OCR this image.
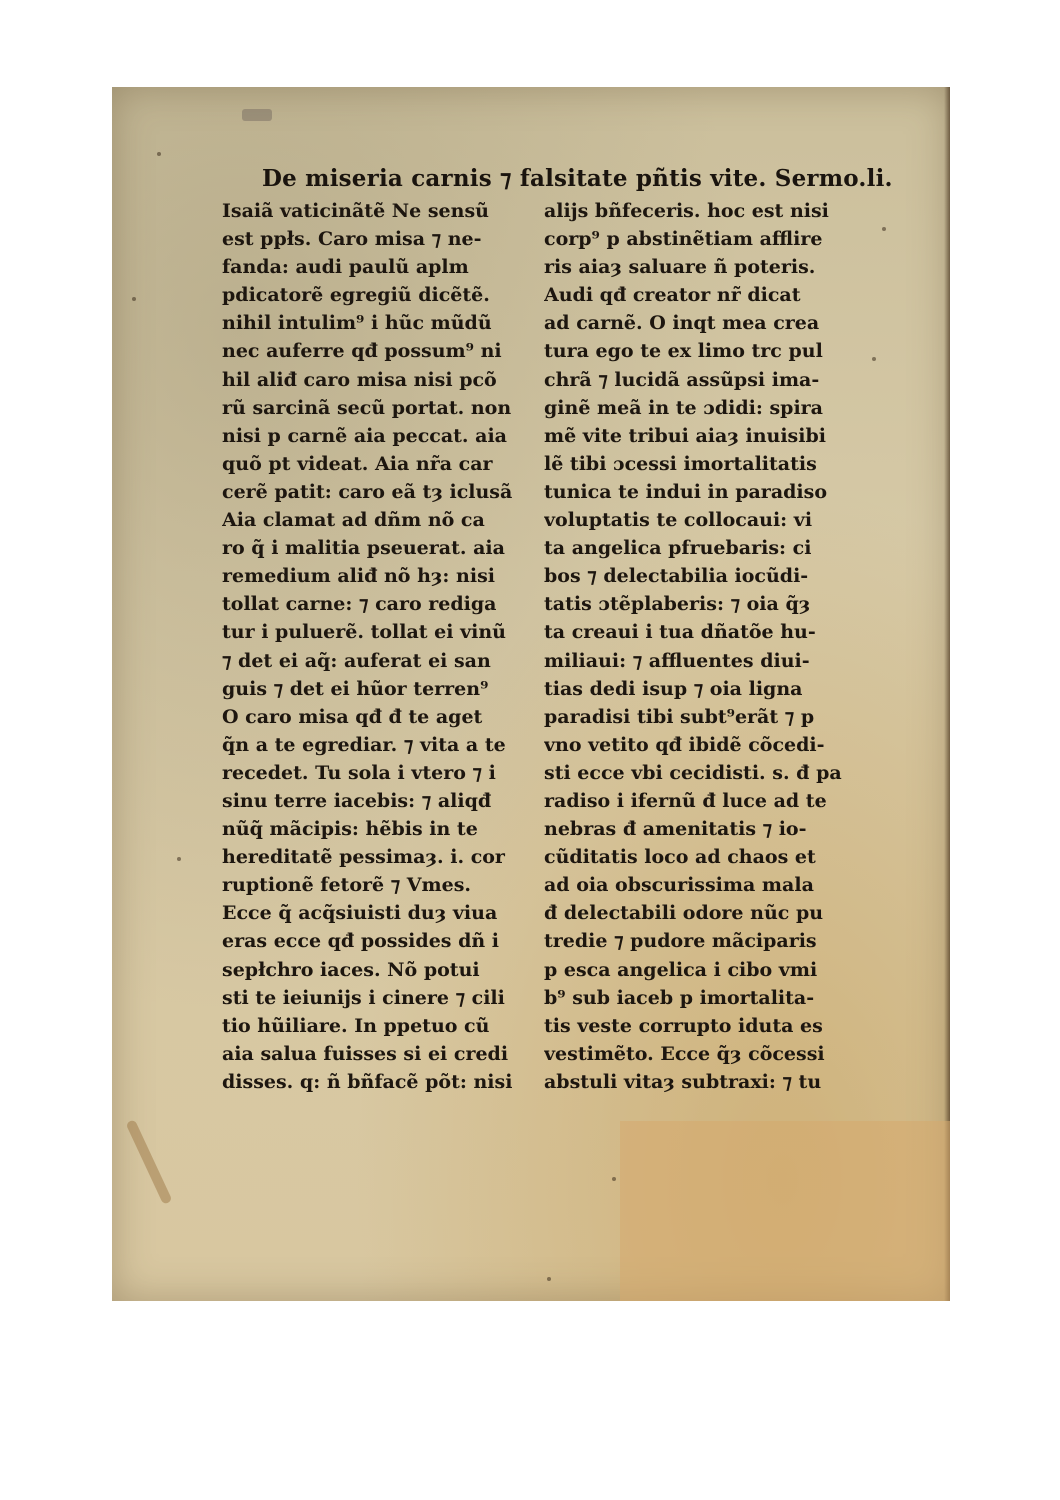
De miseria carnis ⁊ falsitate pñtis vite. Sermo.li.
Isaiã vaticinãtẽ Ne sensũ
est ppłs. Caro misa ⁊ ne-
fanda: audi paulũ aplm
pdicatorẽ egregiũ dicẽtẽ.
nihil intulim⁹ i hũc mũdũ
nec auferre qđ possum⁹ ni
hil aliđ caro misa nisi pcõ
rũ sarcinã secũ portat. non
nisi p carnẽ aia peccat. aia
quõ pt videat. Aia nr̃a car
cerẽ patit: caro eã tȝ iclusã
Aia clamat ad dñm nõ ca
ro q̃ i malitia pseuerat. aia
remedium aliđ nõ hȝ: nisi
tollat carne: ⁊ caro rediga
tur i puluerẽ. tollat ei vinũ
⁊ det ei aq̃: auferat ei san
guis ⁊ det ei hũor terren⁹
O caro misa qđ đ te aget
q̃n a te egrediar. ⁊ vita a te
recedet. Tu sola i vtero ⁊ i
sinu terre iacebis: ⁊ aliqđ
nũq̃ mãcipis: hẽbis in te
hereditatẽ pessimaȝ. i. cor
ruptionẽ fetorẽ ⁊ Vmes.
Ecce q̃ acq̃siuisti duȝ viua
eras ecce qđ possides dñ i
sepłchro iaces. Nõ potui
sti te ieiunijs i cinere ⁊ cili
tio hũiliare. In ppetuo cũ
aia salua fuisses si ei credi
disses. q: ñ bñfacẽ põt: nisi
alijs bñfeceris. hoc est nisi
corp⁹ p abstinẽtiam afflire
ris aiaȝ saluare ñ poteris.
Audi qđ creator nr̃ dicat
ad carnẽ. O inqt mea crea
tura ego te ex limo trc pul
chrã ⁊ lucidã assũpsi ima-
ginẽ meã in te ɔdidi: spira
mẽ vite tribui aiaȝ inuisibi
lẽ tibi ɔcessi imortalitatis
tunica te indui in paradiso
voluptatis te collocaui: vi
ta angelica pfruebaris: ci
bos ⁊ delectabilia iocũdi-
tatis ɔtẽplaberis: ⁊ oia q̃ȝ
ta creaui i tua dñatõe hu-
miliaui: ⁊ affluentes diui-
tias dedi isup ⁊ oia ligna
paradisi tibi subt⁹erãt ⁊ p
vno vetito qđ ibidẽ cõcedi-
sti ecce vbi cecidisti. s. đ pa
radiso i ifernũ đ luce ad te
nebras đ amenitatis ⁊ io-
cũditatis loco ad chaos et
ad oia obscurissima mala
đ delectabili odore nũc pu
tredie ⁊ pudore mãciparis
p esca angelica i cibo vmi
b⁹ sub iaceb p imortalita-
tis veste corrupto iduta es
vestimẽto. Ecce q̃ȝ cõcessi
abstuli vitaȝ subtraxi: ⁊ tu
